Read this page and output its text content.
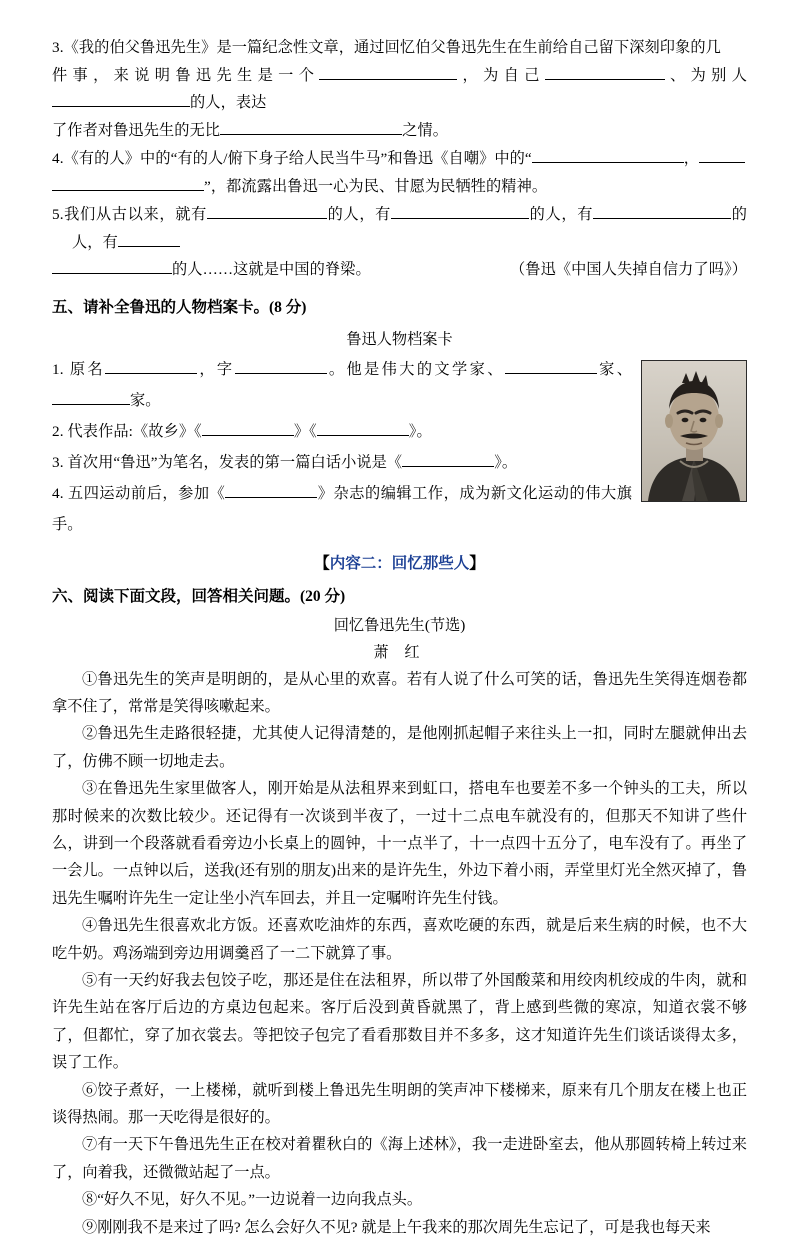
3.《我的伯父鲁迅先生》是一篇纪念性文章，通过回忆伯父鲁迅先生在生前给自己留下深刻印象的几
件事，来说明鲁迅先生是一个	，为自己	、为别人的人，表达
了作者对鲁迅先生的无比	之情。
4.《有的人》中的“有的人/俯下身子给人民当牛马”和鲁迅《自嘲》中的“	，
”，都流露出鲁迅一心为民、甘愿为民牺牲的精神。
5.我们从古以来，就有	的人，有	的人，有	的人，有
的人……这就是中国的脊梁。	（鲁迅《中国人失掉自信力了吗》）
五、请补全鲁迅的人物档案卡。(8 分)
鲁迅人物档案卡
1. 原名	，字	。他是伟大的文学家、	家、家。
2. 代表作品:《故乡》《	》《	》。
3. 首次用“鲁迅”为笔名，发表的第一篇白话小说是《	》。
4. 五四运动前后，参加《	》杂志的编辑工作，成为新文化运动的伟大旗手。
【内容二：回忆那些人】
六、阅读下面文段，回答相关问题。(20 分)
回忆鲁迅先生(节选)
萧 红
①鲁迅先生的笑声是明朗的，是从心里的欢喜。若有人说了什么可笑的话，鲁迅先生笑得连烟卷都拿不住了，常常是笑得咳嗽起来。
②鲁迅先生走路很轻捷，尤其使人记得清楚的，是他刚抓起帽子来往头上一扣，同时左腿就伸出去了，仿佛不顾一切地走去。
③在鲁迅先生家里做客人，刚开始是从法租界来到虹口，搭电车也要差不多一个钟头的工夫，所以那时候来的次数比较少。还记得有一次谈到半夜了，一过十二点电车就没有的，但那天不知讲了些什么，讲到一个段落就看看旁边小长桌上的圆钟，十一点半了，十一点四十五分了，电车没有了。再坐了一会儿。一点钟以后，送我(还有别的朋友)出来的是许先生，外边下着小雨，弄堂里灯光全然灭掉了，鲁迅先生嘱咐许先生一定让坐小汽车回去，并且一定嘱咐许先生付钱。
④鲁迅先生很喜欢北方饭。还喜欢吃油炸的东西，喜欢吃硬的东西，就是后来生病的时候，也不大吃牛奶。鸡汤端到旁边用调羹舀了一二下就算了事。
⑤有一天约好我去包饺子吃，那还是住在法租界，所以带了外国酸菜和用绞肉机绞成的牛肉，就和许先生站在客厅后边的方桌边包起来。客厅后没到黄昏就黑了，背上感到些微的寒凉，知道衣裳不够了，但都忙，穿了加衣裳去。等把饺子包完了看看那数目并不多多，这才知道许先生们谈话谈得太多，误了工作。
⑥饺子煮好，一上楼梯，就听到楼上鲁迅先生明朗的笑声冲下楼梯来，原来有几个朋友在楼上也正谈得热闹。那一天吃得是很好的。
⑦有一天下午鲁迅先生正在校对着瞿秋白的《海上述林》，我一走进卧室去，他从那圆转椅上转过来了，向着我，还微微站起了一点。
⑧“好久不见，好久不见。”一边说着一边向我点头。
⑨刚刚我不是来过了吗? 怎么会好久不见? 就是上午我来的那次周先生忘记了，可是我也每天来
